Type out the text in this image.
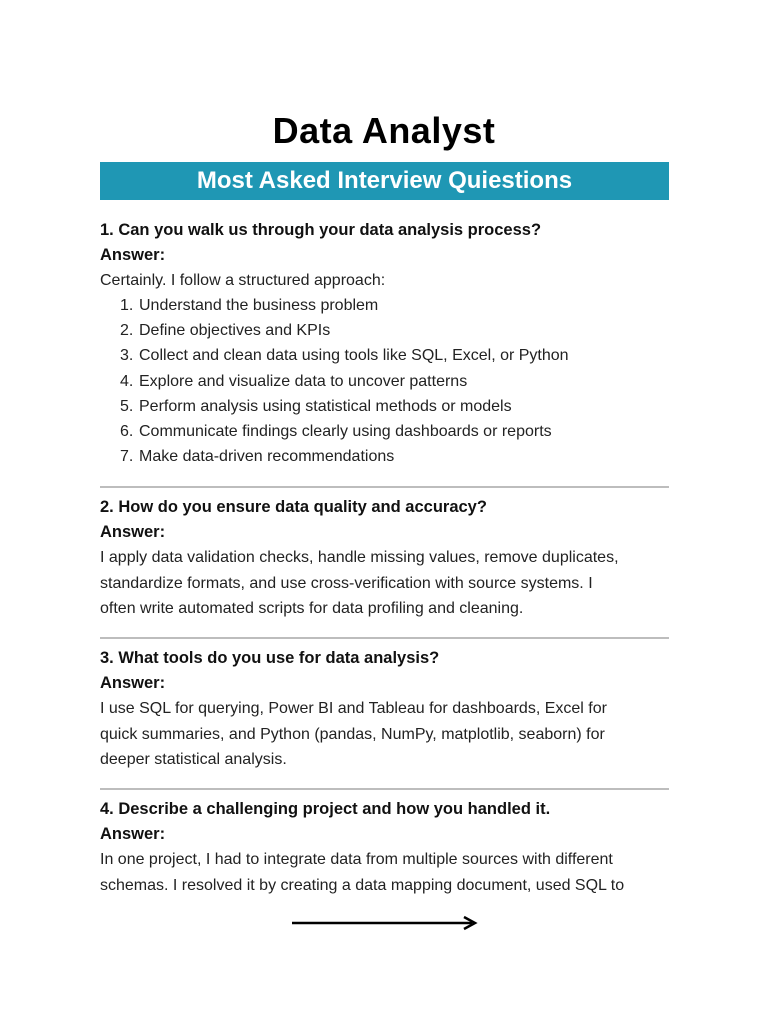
Data Analyst
Most Asked Interview Quiestions
1. Can you walk us through your data analysis process?
Answer:
Certainly. I follow a structured approach:
1. Understand the business problem
2. Define objectives and KPIs
3. Collect and clean data using tools like SQL, Excel, or Python
4. Explore and visualize data to uncover patterns
5. Perform analysis using statistical methods or models
6. Communicate findings clearly using dashboards or reports
7. Make data-driven recommendations
2. How do you ensure data quality and accuracy?
Answer:
I apply data validation checks, handle missing values, remove duplicates,
standardize formats, and use cross-verification with source systems. I
often write automated scripts for data profiling and cleaning.
3. What tools do you use for data analysis?
Answer:
I use SQL for querying, Power BI and Tableau for dashboards, Excel for
quick summaries, and Python (pandas, NumPy, matplotlib, seaborn) for
deeper statistical analysis.
4. Describe a challenging project and how you handled it.
Answer:
In one project, I had to integrate data from multiple sources with different
schemas. I resolved it by creating a data mapping document, used SQL to
